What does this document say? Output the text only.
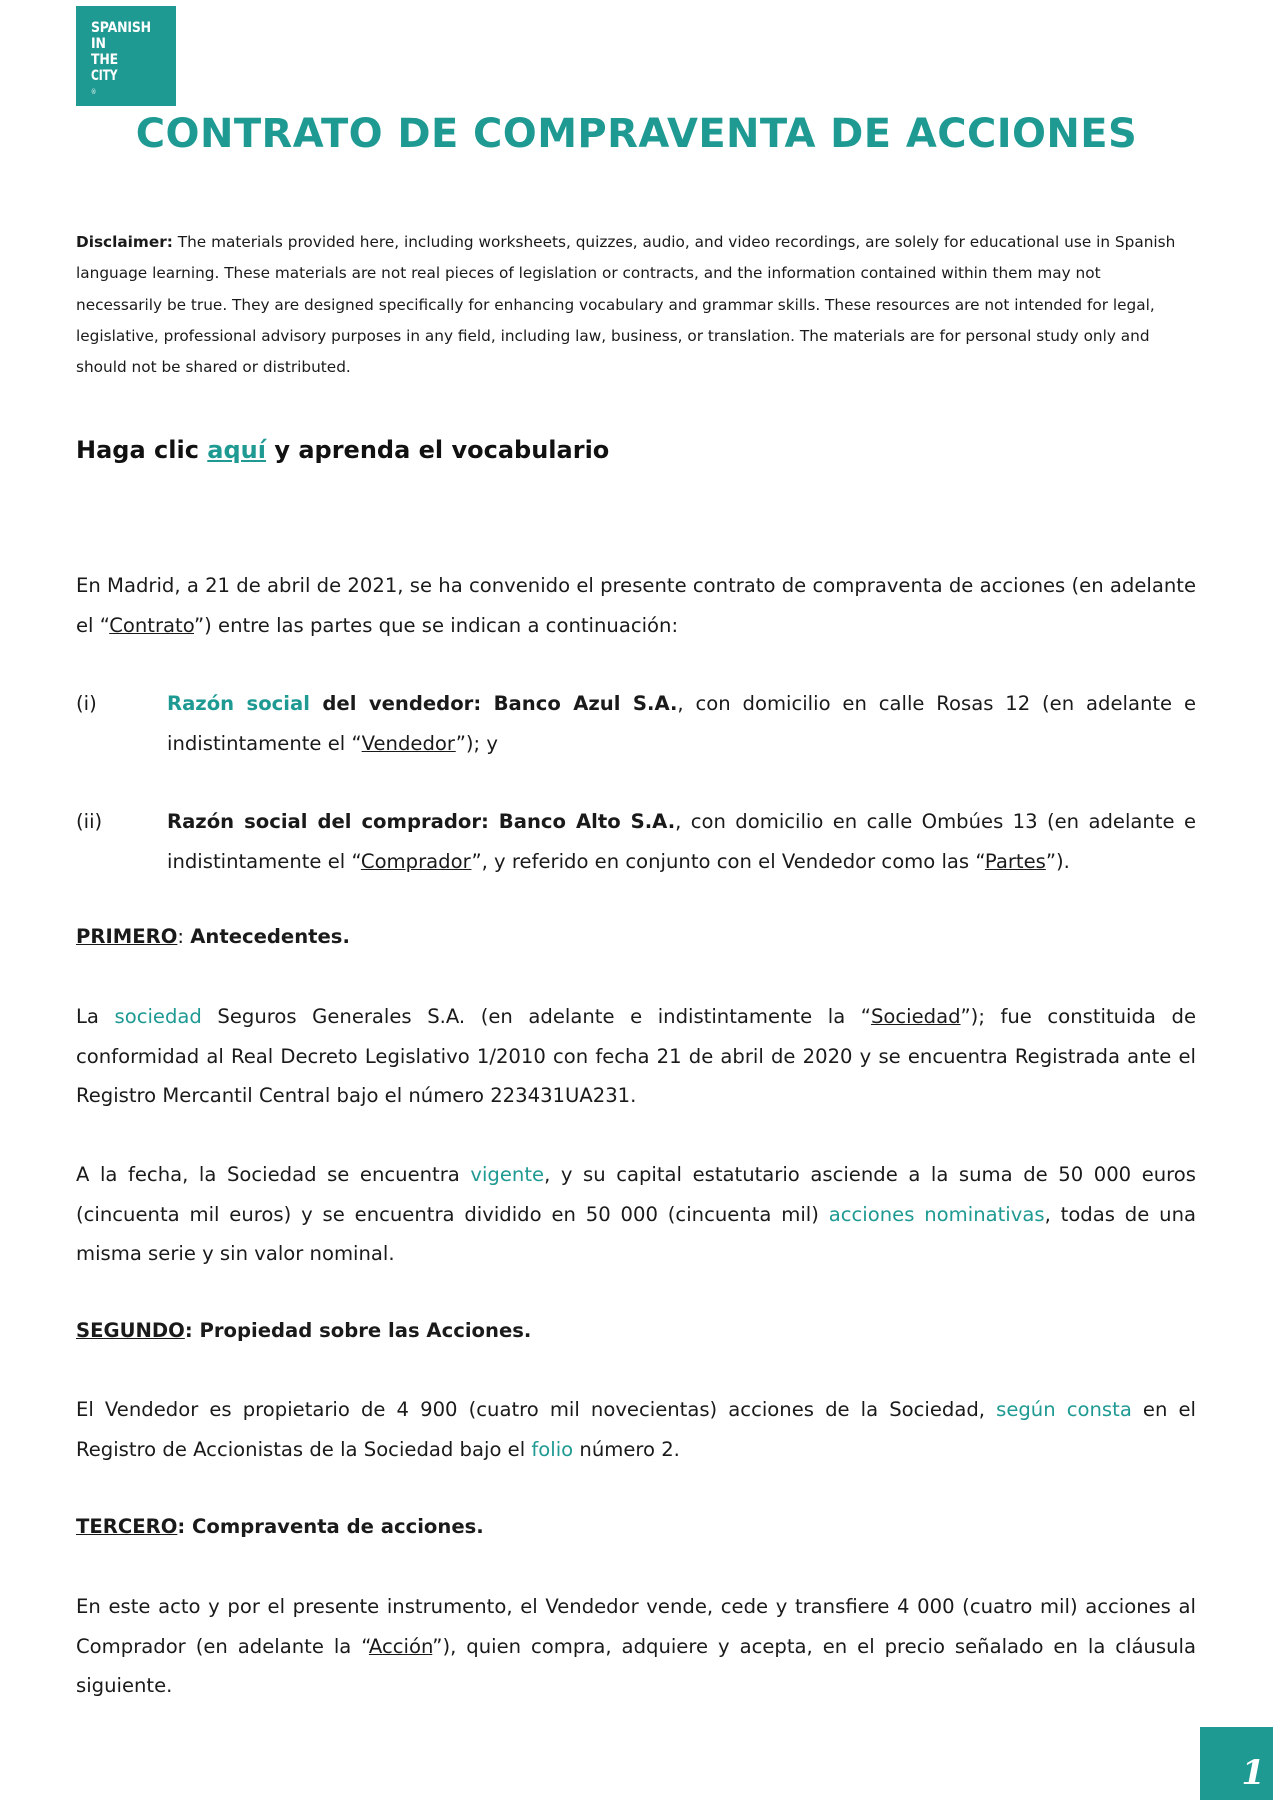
SPANISH
IN
THE
CITY
®
CONTRATO DE COMPRAVENTA DE ACCIONES

Disclaimer: The materials provided here, including worksheets, quizzes, audio, and video recordings, are solely for educational use in Spanish language learning. These materials are not real pieces of legislation or contracts, and the information contained within them may not necessarily be true. They are designed specifically for enhancing vocabulary and grammar skills. These resources are not intended for legal, legislative, professional advisory purposes in any field, including law, business, or translation. The materials are for personal study only and should not be shared or distributed.

Haga clic aquí y aprenda el vocabulario

En Madrid, a 21 de abril de 2021, se ha convenido el presente contrato de compraventa de acciones (en adelante el “Contrato”) entre las partes que se indican a continuación:

(i)	Razón social del vendedor: Banco Azul S.A., con domicilio en calle Rosas 12 (en adelante e indistintamente el “Vendedor”); y
(ii)	Razón social del comprador: Banco Alto S.A., con domicilio en calle Ombúes 13 (en adelante e indistintamente el “Comprador”, y referido en conjunto con el Vendedor como las “Partes”).

PRIMERO: Antecedentes.

La sociedad Seguros Generales S.A. (en adelante e indistintamente la “Sociedad”); fue constituida de conformidad al Real Decreto Legislativo 1/2010 con fecha 21 de abril de 2020 y se encuentra Registrada ante el Registro Mercantil Central bajo el número 223431UA231.

A la fecha, la Sociedad se encuentra vigente, y su capital estatutario asciende a la suma de 50 000 euros (cincuenta mil euros) y se encuentra dividido en 50 000 (cincuenta mil) acciones nominativas, todas de una misma serie y sin valor nominal.

SEGUNDO: Propiedad sobre las Acciones.

El Vendedor es propietario de 4 900 (cuatro mil novecientas) acciones de la Sociedad, según consta en el Registro de Accionistas de la Sociedad bajo el folio número 2.

TERCERO: Compraventa de acciones.

En este acto y por el presente instrumento, el Vendedor vende, cede y transfiere 4 000 (cuatro mil) acciones al Comprador (en adelante la “Acción”), quien compra, adquiere y acepta, en el precio señalado en la cláusula siguiente.

1
